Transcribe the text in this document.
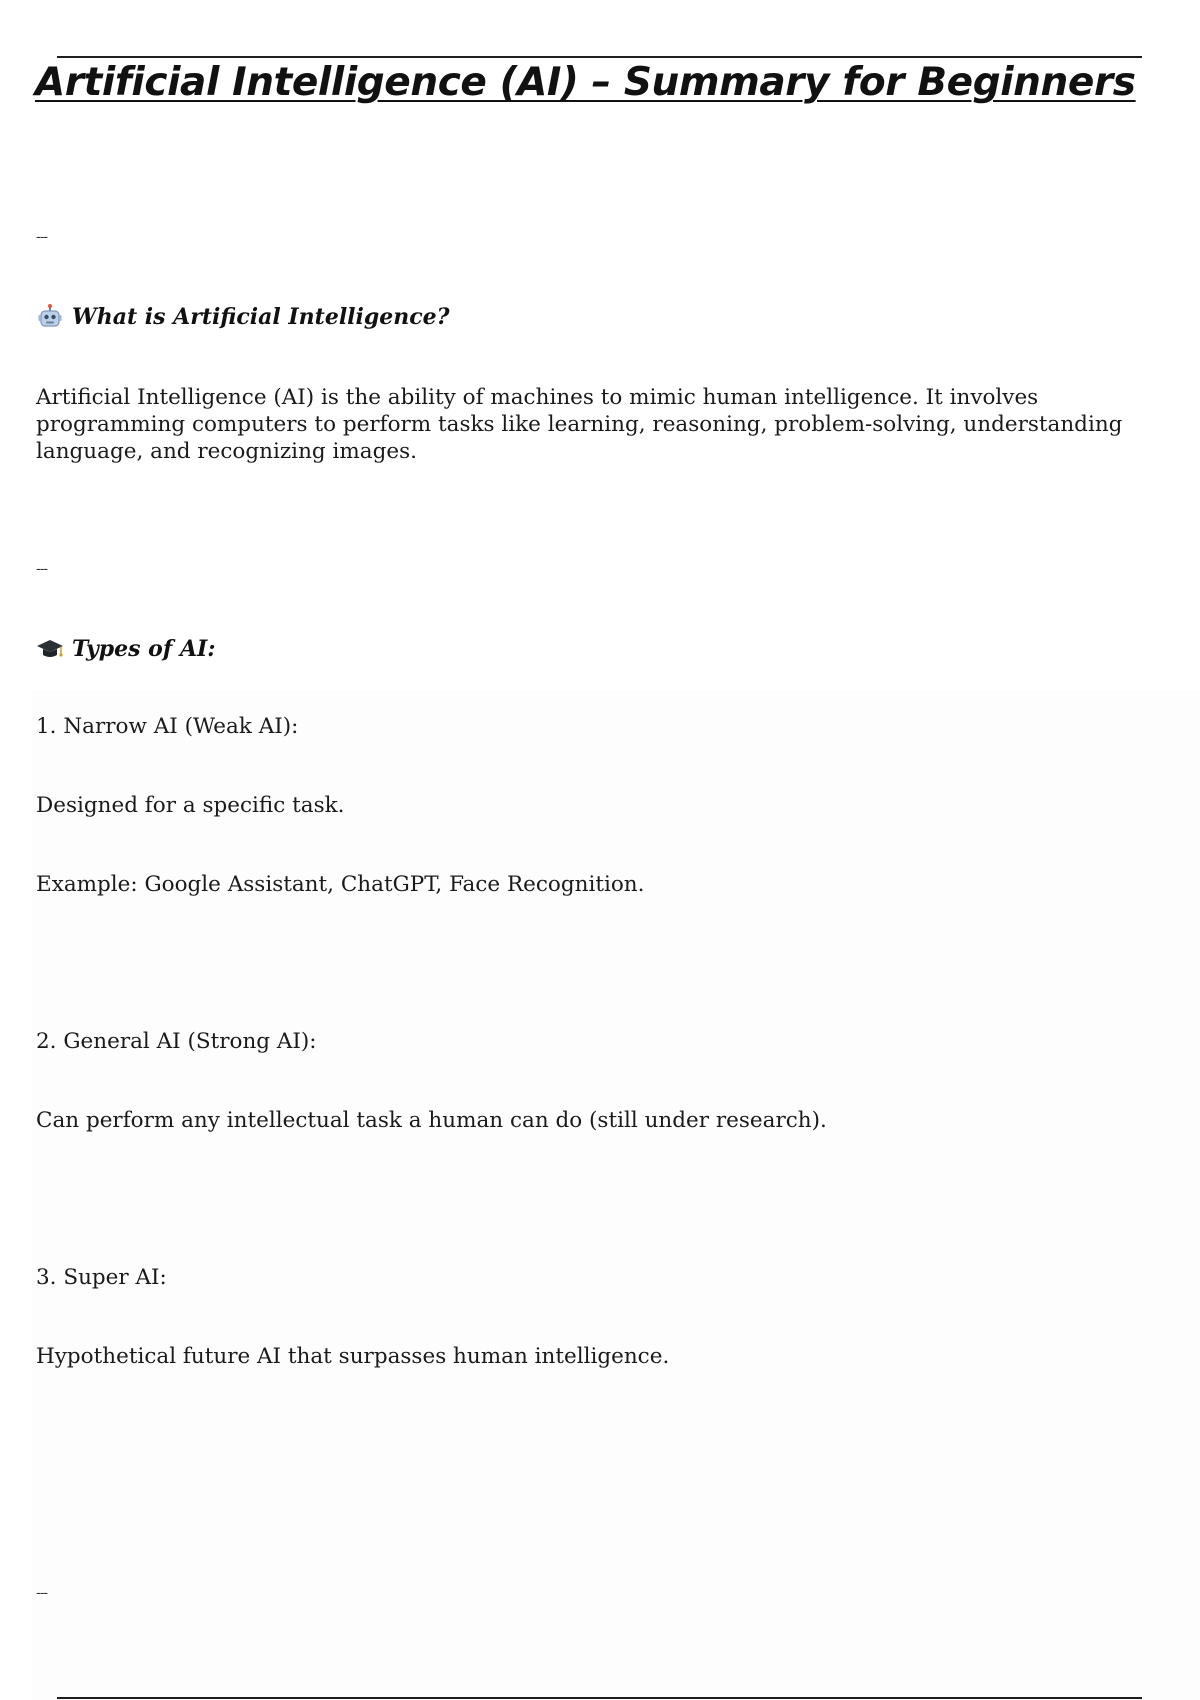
Artificial Intelligence (AI) – Summary for Beginners
---
What is Artificial Intelligence?

Artificial Intelligence (AI) is the ability of machines to mimic human intelligence. It involves programming computers to perform tasks like learning, reasoning, problem-solving, understanding language, and recognizing images.

---
Types of AI:

1. Narrow AI (Weak AI):

Designed for a specific task.

Example: Google Assistant, ChatGPT, Face Recognition.

2. General AI (Strong AI):

Can perform any intellectual task a human can do (still under research).

3. Super AI:

Hypothetical future AI that surpasses human intelligence.

---
